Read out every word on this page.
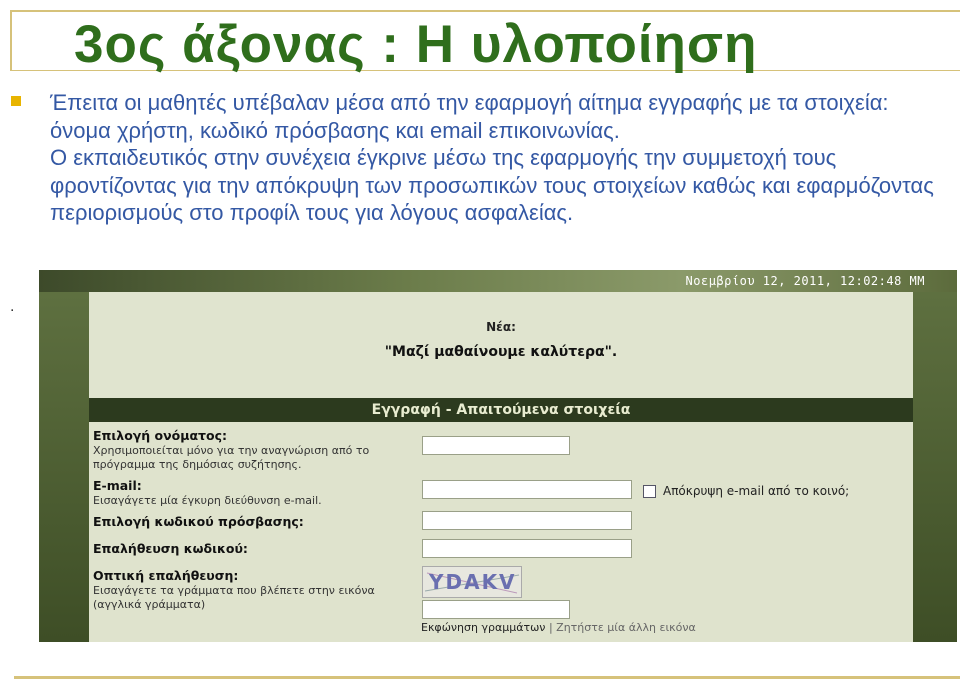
3ος άξονας : Η υλοποίηση

Έπειτα οι μαθητές υπέβαλαν μέσα από την εφαρμογή αίτημα εγγραφής με τα στοιχεία: όνομα χρήστη, κωδικό πρόσβασης και email επικοινωνίας.

Ο εκπαιδευτικός στην συνέχεια έγκρινε μέσω της εφαρμογής την συμμετοχή τους φροντίζοντας για την απόκρυψη των προσωπικών τους στοιχείων καθώς και εφαρμόζοντας περιορισμούς στο προφίλ τους για λόγους ασφαλείας.

.
Νοεμβρίου 12, 2011, 12:02:48 ΜΜ
Νέα:
"Μαζί μαθαίνουμε καλύτερα".
Εγγραφή - Απαιτούμενα στοιχεία
Επιλογή ονόματος:
Χρησιμοποιείται μόνο για την αναγνώριση από το πρόγραμμα της δημόσιας συζήτησης.
E-mail:
Εισαγάγετε μία έγκυρη διεύθυνση e-mail.
Απόκρυψη e-mail από το κοινό;
Επιλογή κωδικού πρόσβασης:
Επαλήθευση κωδικού:
Οπτική επαλήθευση:
Εισαγάγετε τα γράμματα που βλέπετε στην εικόνα (αγγλικά γράμματα)
YDAKV
Εκφώνηση γραμμάτων | Ζητήστε μία άλλη εικόνα
